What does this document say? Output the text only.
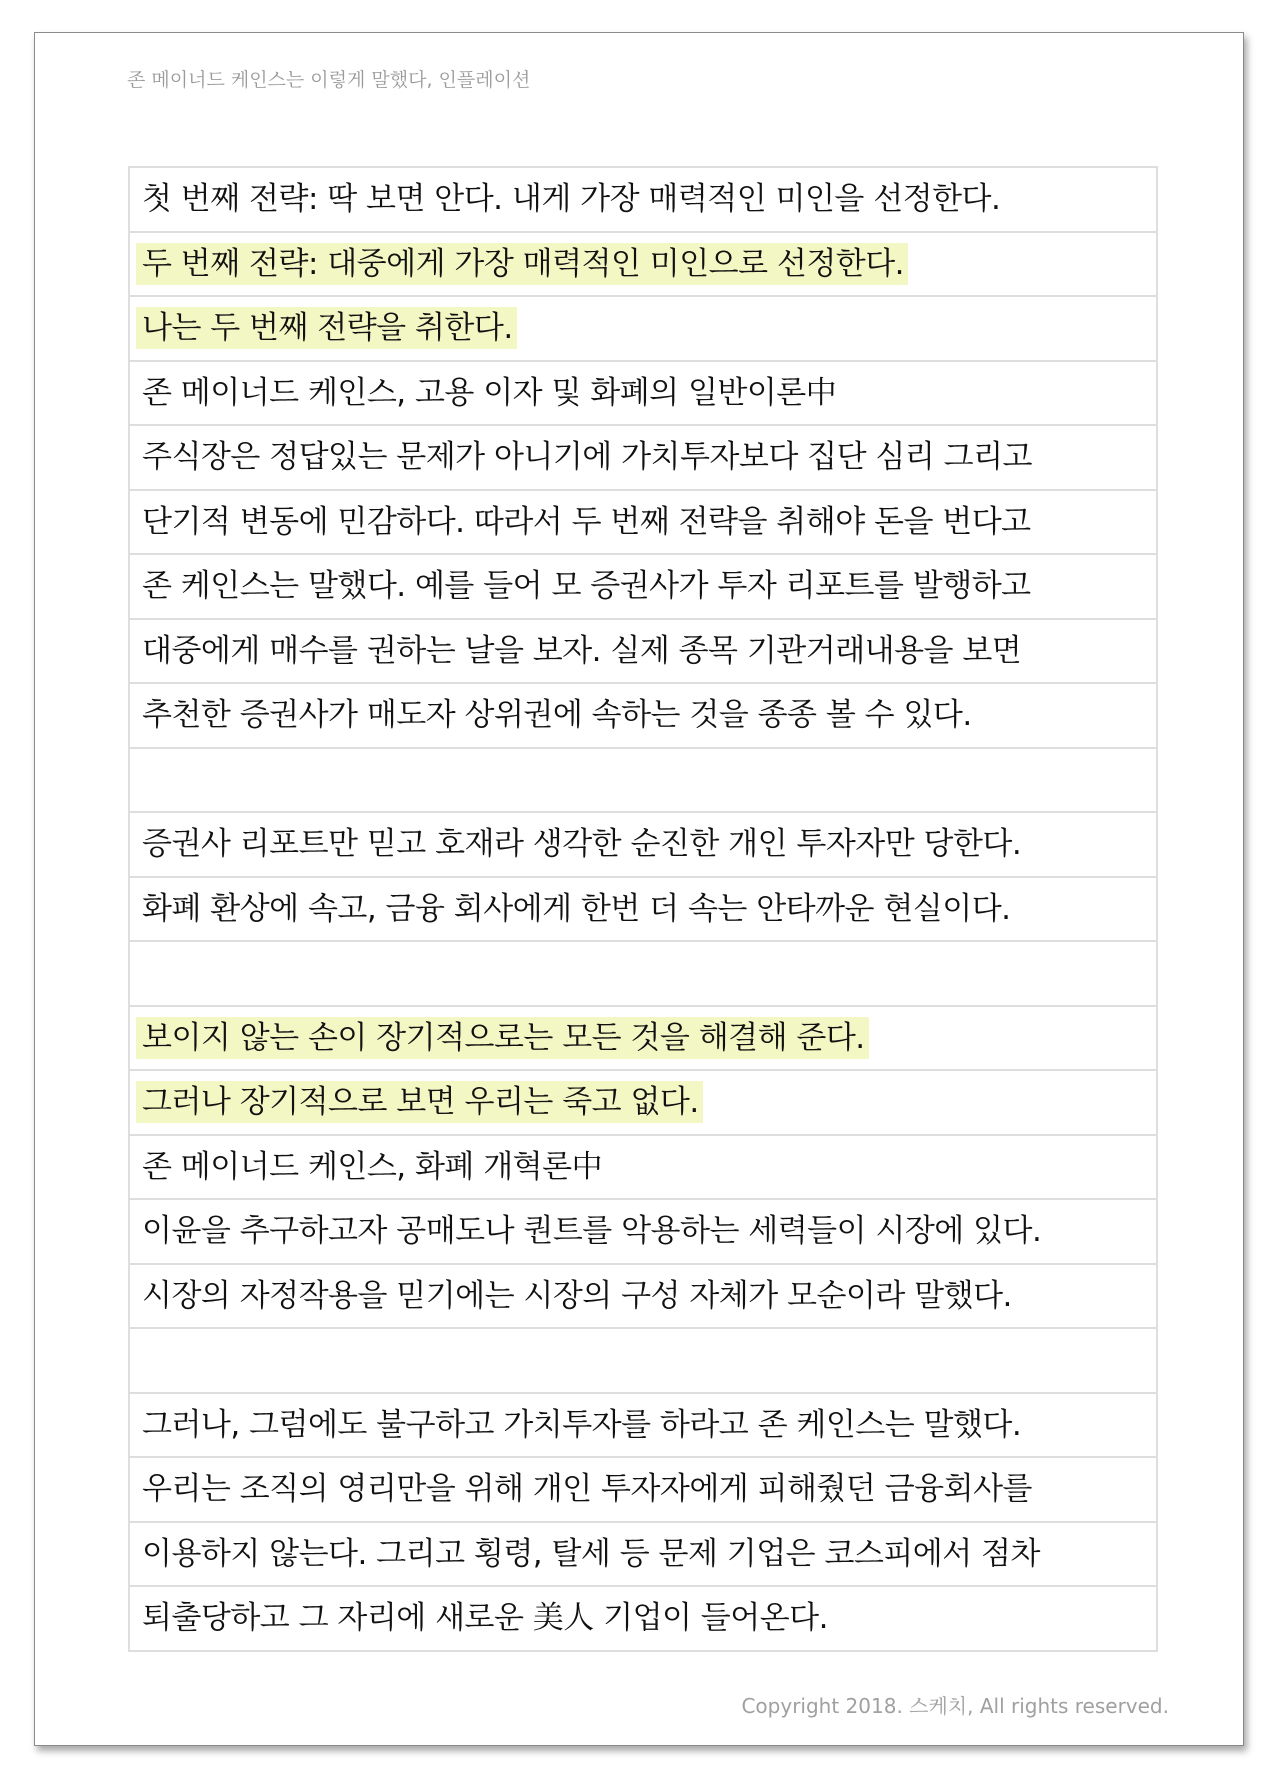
존 메이너드 케인스는 이렇게 말했다, 인플레이션
첫 번째 전략: 딱 보면 안다. 내게 가장 매력적인 미인을 선정한다.
두 번째 전략: 대중에게 가장 매력적인 미인으로 선정한다.
나는 두 번째 전략을 취한다.
존 메이너드 케인스, 고용 이자 및 화폐의 일반이론中
주식장은 정답있는 문제가 아니기에 가치투자보다 집단 심리 그리고
단기적 변동에 민감하다. 따라서 두 번째 전략을 취해야 돈을 번다고
존 케인스는 말했다. 예를 들어 모 증권사가 투자 리포트를 발행하고
대중에게 매수를 권하는 날을 보자. 실제 종목 기관거래내용을 보면
추천한 증권사가 매도자 상위권에 속하는 것을 종종 볼 수 있다.
증권사 리포트만 믿고 호재라 생각한 순진한 개인 투자자만 당한다.
화폐 환상에 속고, 금융 회사에게 한번 더 속는 안타까운 현실이다.
보이지 않는 손이 장기적으로는 모든 것을 해결해 준다.
그러나 장기적으로 보면 우리는 죽고 없다.
존 메이너드 케인스, 화폐 개혁론中
이윤을 추구하고자 공매도나 퀀트를 악용하는 세력들이 시장에 있다.
시장의 자정작용을 믿기에는 시장의 구성 자체가 모순이라 말했다.
그러나, 그럼에도 불구하고 가치투자를 하라고 존 케인스는 말했다.
우리는 조직의 영리만을 위해 개인 투자자에게 피해줬던 금융회사를
이용하지 않는다. 그리고 횡령, 탈세 등 문제 기업은 코스피에서 점차
퇴출당하고 그 자리에 새로운 美人 기업이 들어온다.
Copyright 2018. 스케치, All rights reserved.
